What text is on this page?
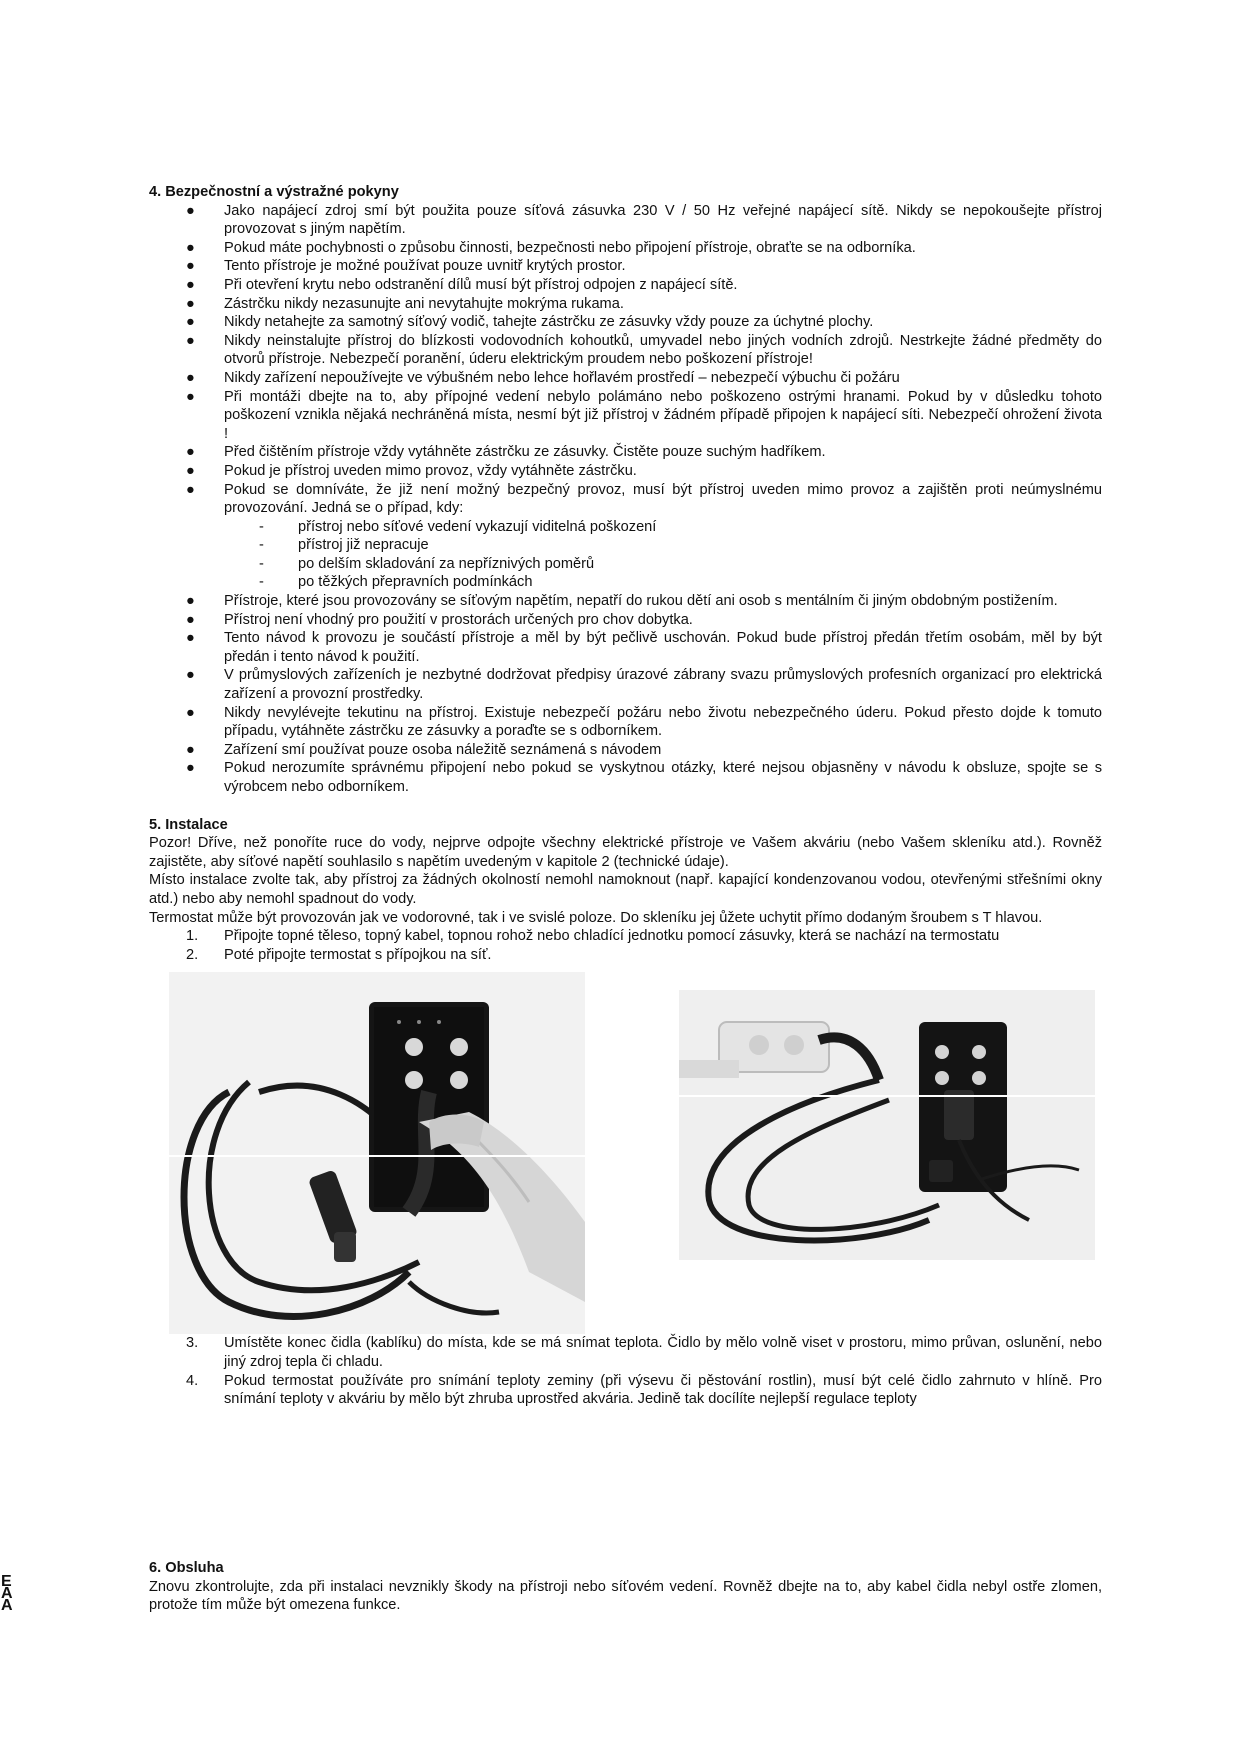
4. Bezpečnostní a výstražné pokyny
● Jako napájecí zdroj smí být použita pouze síťová zásuvka 230 V / 50 Hz veřejné napájecí sítě. Nikdy se nepokoušejte přístroj provozovat s jiným napětím.
● Pokud máte pochybnosti o způsobu činnosti, bezpečnosti nebo připojení přístroje, obraťte se na odborníka.
● Tento přístroje je možné používat pouze uvnitř krytých prostor.
● Při otevření krytu nebo odstranění dílů musí být přístroj odpojen z napájecí sítě.
● Zástrčku nikdy nezasunujte ani nevytahujte mokrýma rukama.
● Nikdy netahejte za samotný síťový vodič, tahejte zástrčku ze zásuvky vždy pouze za úchytné plochy.
● Nikdy neinstalujte přístroj do blízkosti vodovodních kohoutků, umyvadel nebo jiných vodních zdrojů. Nestrkejte žádné předměty do otvorů přístroje. Nebezpečí poranění, úderu elektrickým proudem nebo poškození přístroje!
● Nikdy zařízení nepoužívejte ve výbušném nebo lehce hořlavém prostředí – nebezpečí výbuchu či požáru
● Při montáži dbejte na to, aby přípojné vedení nebylo polámáno nebo poškozeno ostrými hranami. Pokud by v důsledku tohoto poškození vznikla nějaká nechráněná místa, nesmí být již přístroj v žádném případě připojen k napájecí síti. Nebezpečí ohrožení života !
● Před čištěním přístroje vždy vytáhněte zástrčku ze zásuvky. Čistěte pouze suchým hadříkem.
● Pokud je přístroj uveden mimo provoz, vždy vytáhněte zástrčku.
● Pokud se domníváte, že již není možný bezpečný provoz, musí být přístroj uveden mimo provoz a zajištěn proti neúmyslnému provozování. Jedná se o případ, kdy:
- přístroj nebo síťové vedení vykazují viditelná poškození
- přístroj již nepracuje
- po delším skladování za nepříznivých poměrů
- po těžkých přepravních podmínkách
● Přístroje, které jsou provozovány se síťovým napětím, nepatří do rukou dětí ani osob s mentálním či jiným obdobným postižením.
● Přístroj není vhodný pro použití v prostorách určených pro chov dobytka.
● Tento návod k provozu je součástí přístroje a měl by být pečlivě uschován. Pokud bude přístroj předán třetím osobám, měl by být předán i tento návod k použití.
● V průmyslových zařízeních je nezbytné dodržovat předpisy úrazové zábrany svazu průmyslových profesních organizací pro elektrická zařízení a provozní prostředky.
● Nikdy nevylévejte tekutinu na přístroj. Existuje nebezpečí požáru nebo životu nebezpečného úderu. Pokud přesto dojde k tomuto případu, vytáhněte zástrčku ze zásuvky a poraďte se s odborníkem.
● Zařízení smí používat pouze osoba náležitě seznámená s návodem
● Pokud nerozumíte správnému připojení nebo pokud se vyskytnou otázky, které nejsou objasněny v návodu k obsluze, spojte se s výrobcem nebo odborníkem.
5. Instalace

Pozor! Dříve, než ponoříte ruce do vody, nejprve odpojte všechny elektrické přístroje ve Vašem akváriu (nebo Vašem skleníku atd.). Rovněž zajistěte, aby síťové napětí souhlasilo s napětím uvedeným v kapitole 2 (technické údaje).

Místo instalace zvolte tak, aby přístroj za žádných okolností nemohl namoknout (např. kapající kondenzovanou vodou, otevřenými střešními okny atd.) nebo aby nemohl spadnout do vody.

Termostat může být provozován jak ve vodorovné, tak i ve svislé poloze. Do skleníku jej ůžete uchytit přímo dodaným šroubem s T hlavou.

1. Připojte topné těleso, topný kabel, topnou rohož nebo chladící jednotku pomocí zásuvky, která se nachází na termostatu
2. Poté připojte termostat s přípojkou na síť.
3. Umístěte konec čidla (kablíku) do místa, kde se má snímat teplota. Čidlo by mělo volně viset v prostoru, mimo průvan, oslunění, nebo jiný zdroj tepla či chladu.
4. Pokud termostat používáte pro snímání teploty zeminy (při výsevu či pěstování rostlin), musí být celé čidlo zahrnuto v hlíně. Pro snímání teploty v akváriu by mělo být zhruba uprostřed akvária. Jedině tak docílíte nejlepší regulace teploty
6. Obsluha

Znovu zkontrolujte, zda při instalaci nevznikly škody na přístroji nebo síťovém vedení. Rovněž dbejte na to, aby kabel čidla nebyl ostře zlomen, protože tím může být omezena funkce.

E
A
A
